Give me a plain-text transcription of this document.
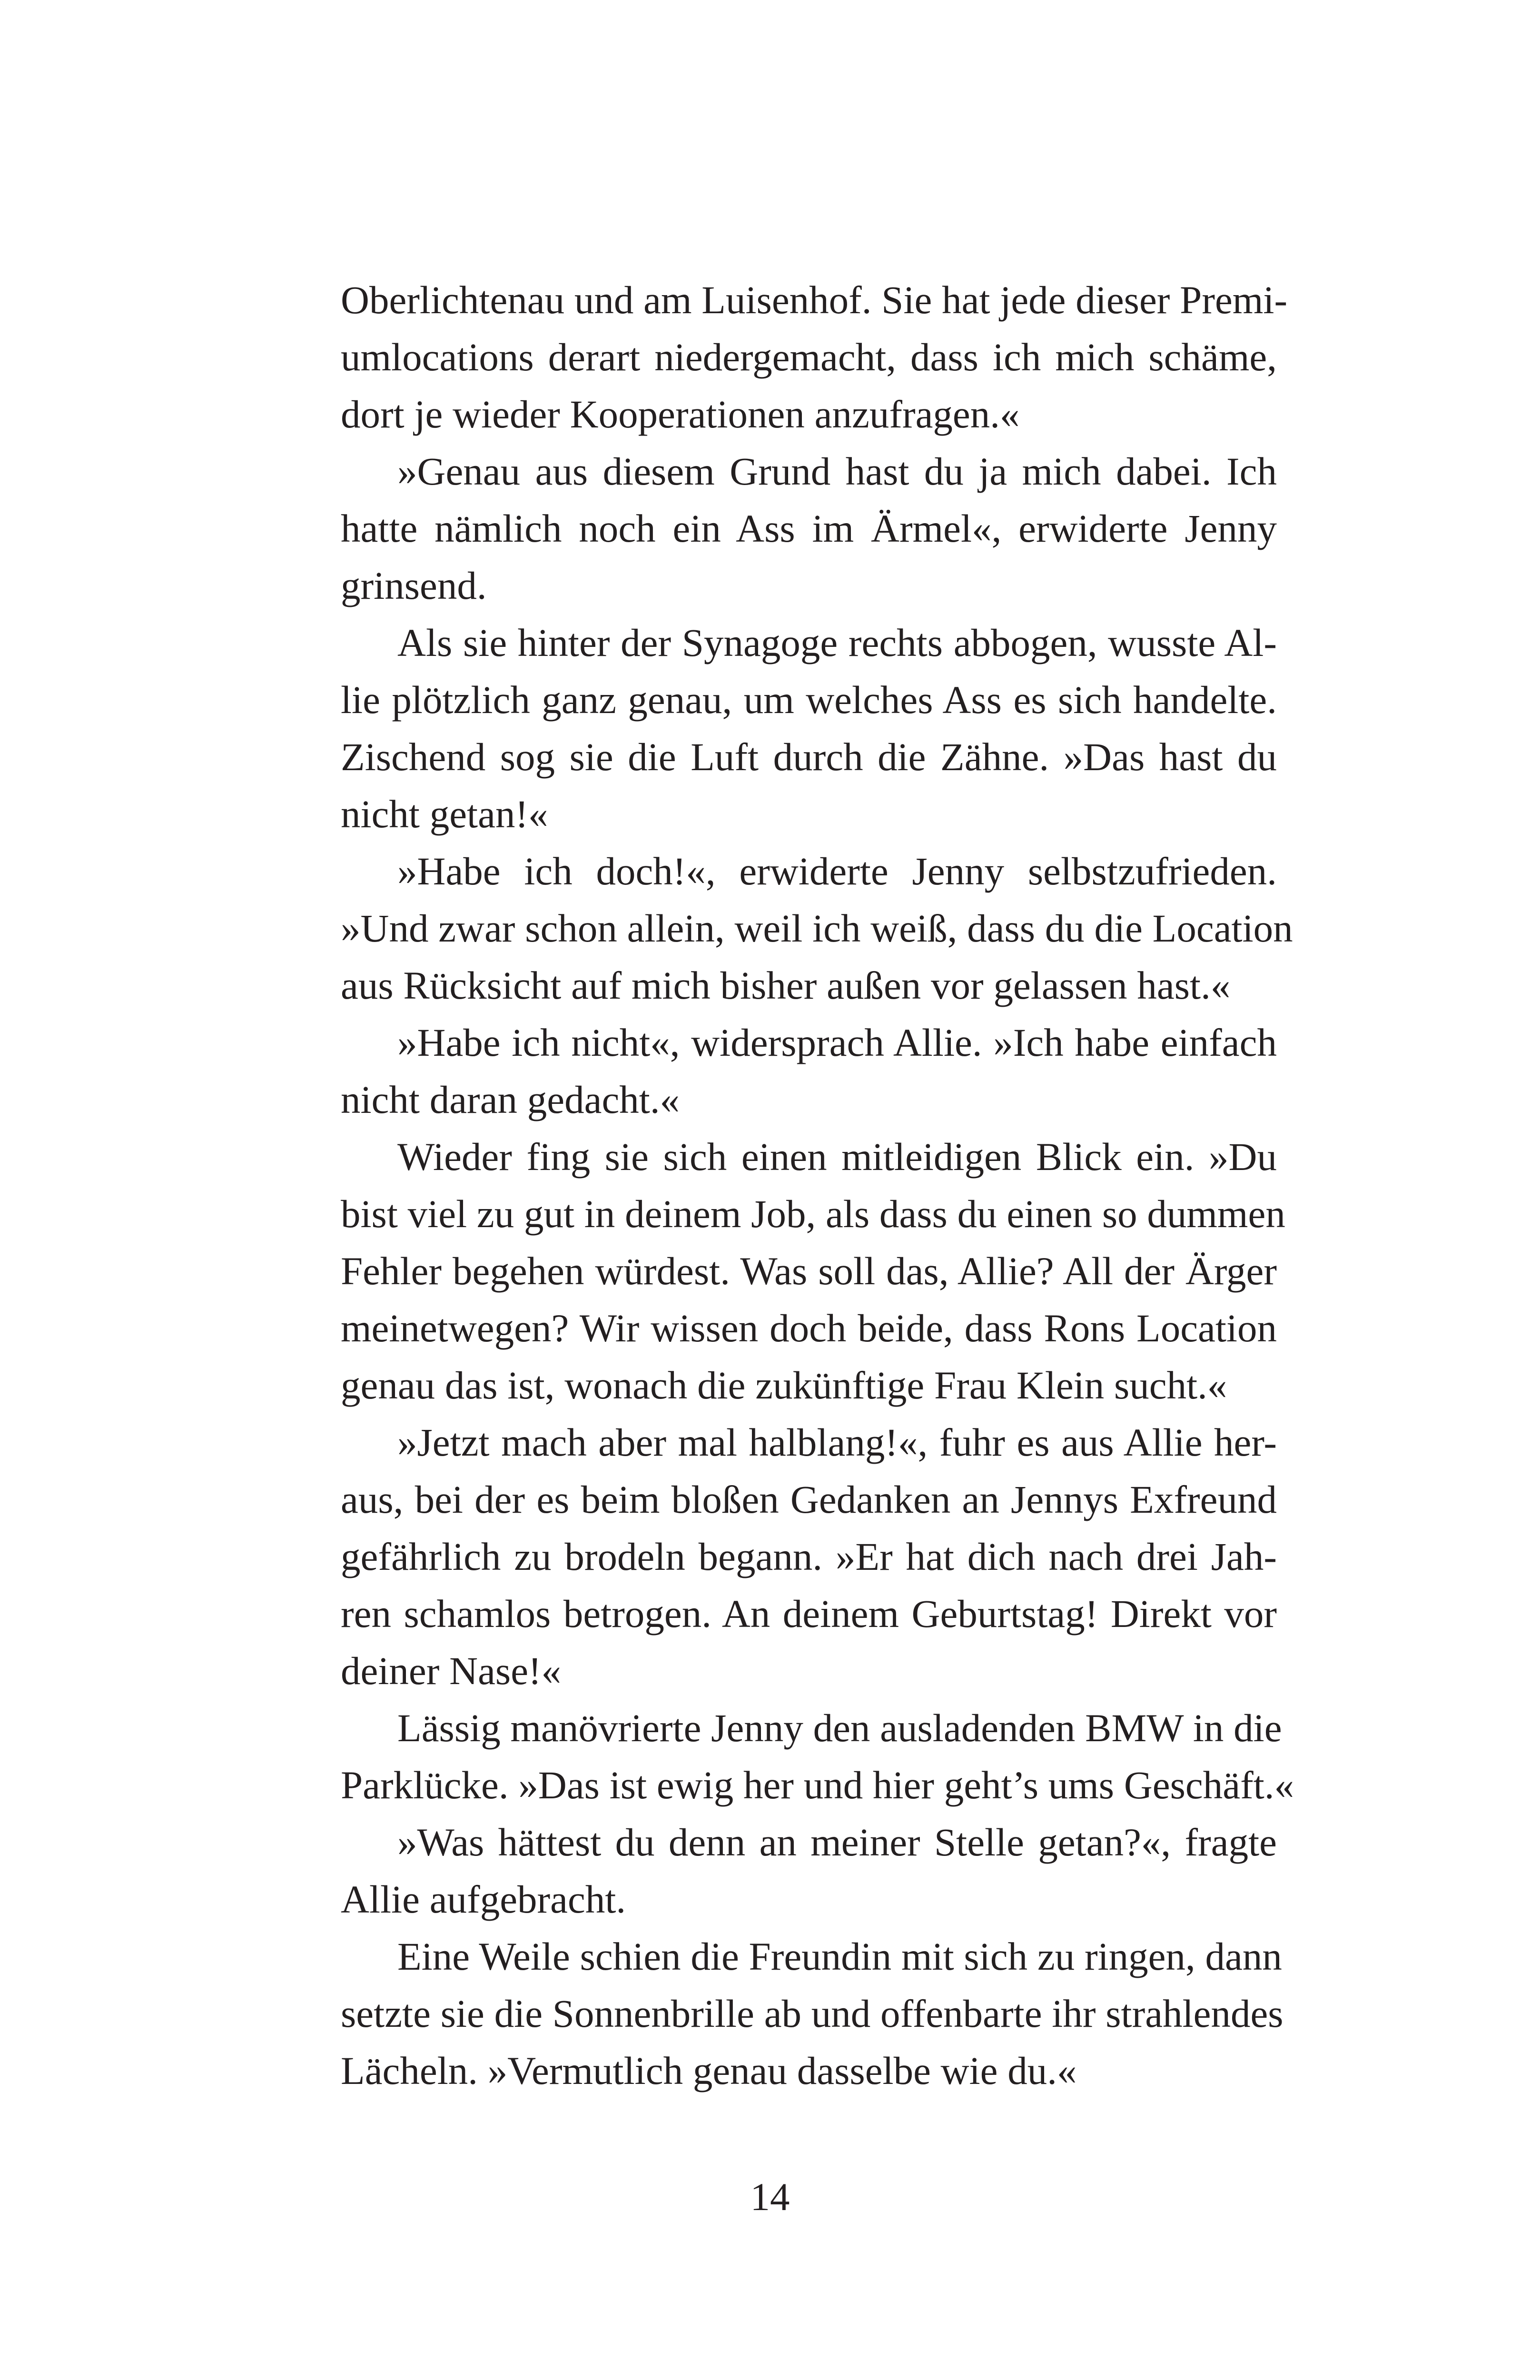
Oberlichtenau und am Luisenhof. Sie hat jede dieser Premi-
umlocations derart niedergemacht, dass ich mich schäme,
dort je wieder Kooperationen anzufragen.«
»Genau aus diesem Grund hast du ja mich dabei. Ich
hatte nämlich noch ein Ass im Ärmel«, erwiderte Jenny
grinsend.
Als sie hinter der Synagoge rechts abbogen, wusste Al-
lie plötzlich ganz genau, um welches Ass es sich handelte.
Zischend sog sie die Luft durch die Zähne. »Das hast du
nicht getan!«
»Habe ich doch!«, erwiderte Jenny selbstzufrieden.
»Und zwar schon allein, weil ich weiß, dass du die Location
aus Rücksicht auf mich bisher außen vor gelassen hast.«
»Habe ich nicht«, widersprach Allie. »Ich habe einfach
nicht daran gedacht.«
Wieder fing sie sich einen mitleidigen Blick ein. »Du
bist viel zu gut in deinem Job, als dass du einen so dummen
Fehler begehen würdest. Was soll das, Allie? All der Ärger
meinetwegen? Wir wissen doch beide, dass Rons Location
genau das ist, wonach die zukünftige Frau Klein sucht.«
»Jetzt mach aber mal halblang!«, fuhr es aus Allie her-
aus, bei der es beim bloßen Gedanken an Jennys Exfreund
gefährlich zu brodeln begann. »Er hat dich nach drei Jah-
ren schamlos betrogen. An deinem Geburtstag! Direkt vor
deiner Nase!«
Lässig manövrierte Jenny den ausladenden BMW in die
Parklücke. »Das ist ewig her und hier geht’s ums Geschäft.«
»Was hättest du denn an meiner Stelle getan?«, fragte
Allie aufgebracht.
Eine Weile schien die Freundin mit sich zu ringen, dann
setzte sie die Sonnenbrille ab und offenbarte ihr strahlendes
Lächeln. »Vermutlich genau dasselbe wie du.«
14
